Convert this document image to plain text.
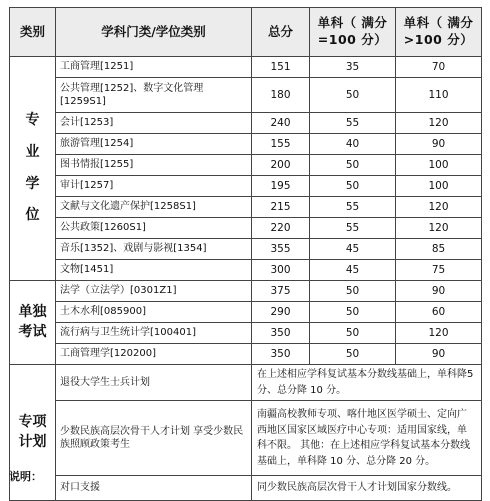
类别	学科门类/学位类别	总分	单科（ 满分=100 分）	单科（ 满分>100 分）

专
业
学
位	工商管理[1251]	151	35	70
	公共管理[1252]、数字文化管理[1259S1]	180	50	110
	会计[1253]	240	55	120
	旅游管理[1254]	155	40	90
	图书情报[1255]	200	50	100
	审计[1257]	195	50	100
	文献与文化遗产保护[1258S1]	215	55	120
	公共政策[1260S1]	220	55	120
	音乐[1352]、戏剧与影视[1354]	355	45	85
	文物[1451]	300	45	75
单独考试	法学（立法学）[0301Z1]	375	50	90
	土木水利[085900]	290	50	60
	流行病与卫生统计学[100401]	350	50	120
	工商管理学[120200]	350	50	90
专项计划	退役大学生士兵计划	在上述相应学科复试基本分数线基础上，单科降5 分、总分降 10 分。		
	少数民族高层次骨干人才计划 享受少数民族照顾政策考生	南疆高校教师专项、喀什地区医学硕士、定向广西地区国家区域医疗中心专项：适用国家线，单科不限。 其他：在上述相应学科复试基本分数线基础上，单科降 10 分、总分降 20 分。		
	对口支援	同少数民族高层次骨干人才计划国家分数线。		
说明：
